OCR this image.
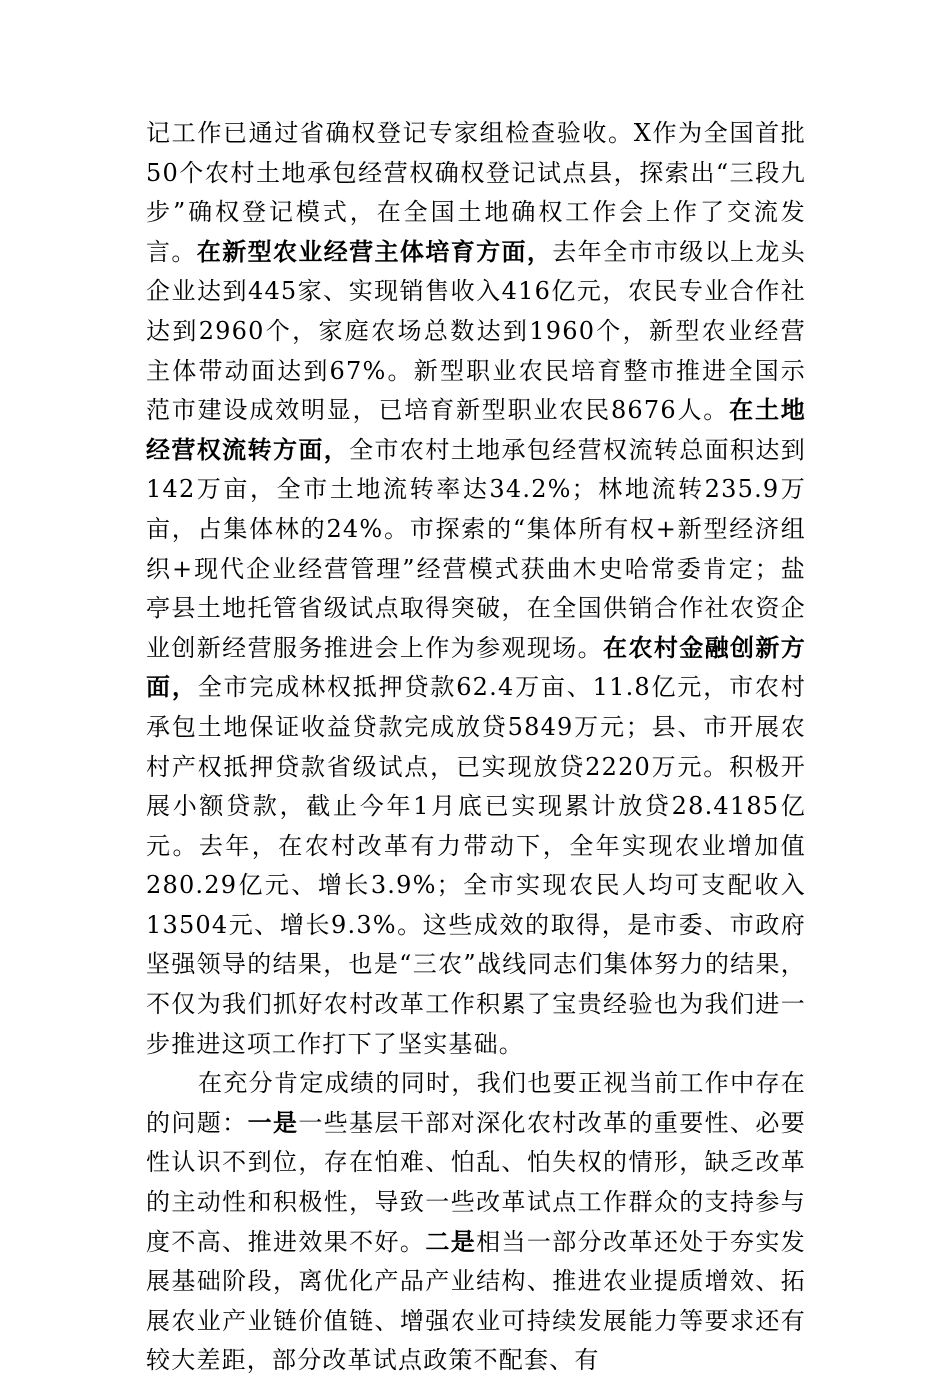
记工作已通过省确权登记专家组检查验收。X作为全国首批50个农村土地承包经营权确权登记试点县，探索出“三段九步”确权登记模式，在全国土地确权工作会上作了交流发言。在新型农业经营主体培育方面，去年全市市级以上龙头企业达到445家、实现销售收入416亿元，农民专业合作社达到2960个，家庭农场总数达到1960个，新型农业经营主体带动面达到67%。新型职业农民培育整市推进全国示范市建设成效明显，已培育新型职业农民8676人。在土地经营权流转方面，全市农村土地承包经营权流转总面积达到142万亩，全市土地流转率达34.2%；林地流转235.9万亩，占集体林的24%。市探索的“集体所有权+新型经济组织+现代企业经营管理”经营模式获曲木史哈常委肯定；盐亭县土地托管省级试点取得突破，在全国供销合作社农资企业创新经营服务推进会上作为参观现场。在农村金融创新方面，全市完成林权抵押贷款62.4万亩、11.8亿元，市农村承包土地保证收益贷款完成放贷5849万元；县、市开展农村产权抵押贷款省级试点，已实现放贷2220万元。积极开展小额贷款，截止今年1月底已实现累计放贷28.4185亿元。去年，在农村改革有力带动下，全年实现农业增加值280.29亿元、增长3.9%；全市实现农民人均可支配收入13504元、增长9.3%。这些成效的取得，是市委、市政府坚强领导的结果，也是“三农”战线同志们集体努力的结果，不仅为我们抓好农村改革工作积累了宝贵经验也为我们进一步推进这项工作打下了坚实基础。

在充分肯定成绩的同时，我们也要正视当前工作中存在的问题：一是一些基层干部对深化农村改革的重要性、必要性认识不到位，存在怕难、怕乱、怕失权的情形，缺乏改革的主动性和积极性，导致一些改革试点工作群众的支持参与度不高、推进效果不好。二是相当一部分改革还处于夯实发展基础阶段，离优化产品产业结构、推进农业提质增效、拓展农业产业链价值链、增强农业可持续发展能力等要求还有较大差距，部分改革试点政策不配套、有
